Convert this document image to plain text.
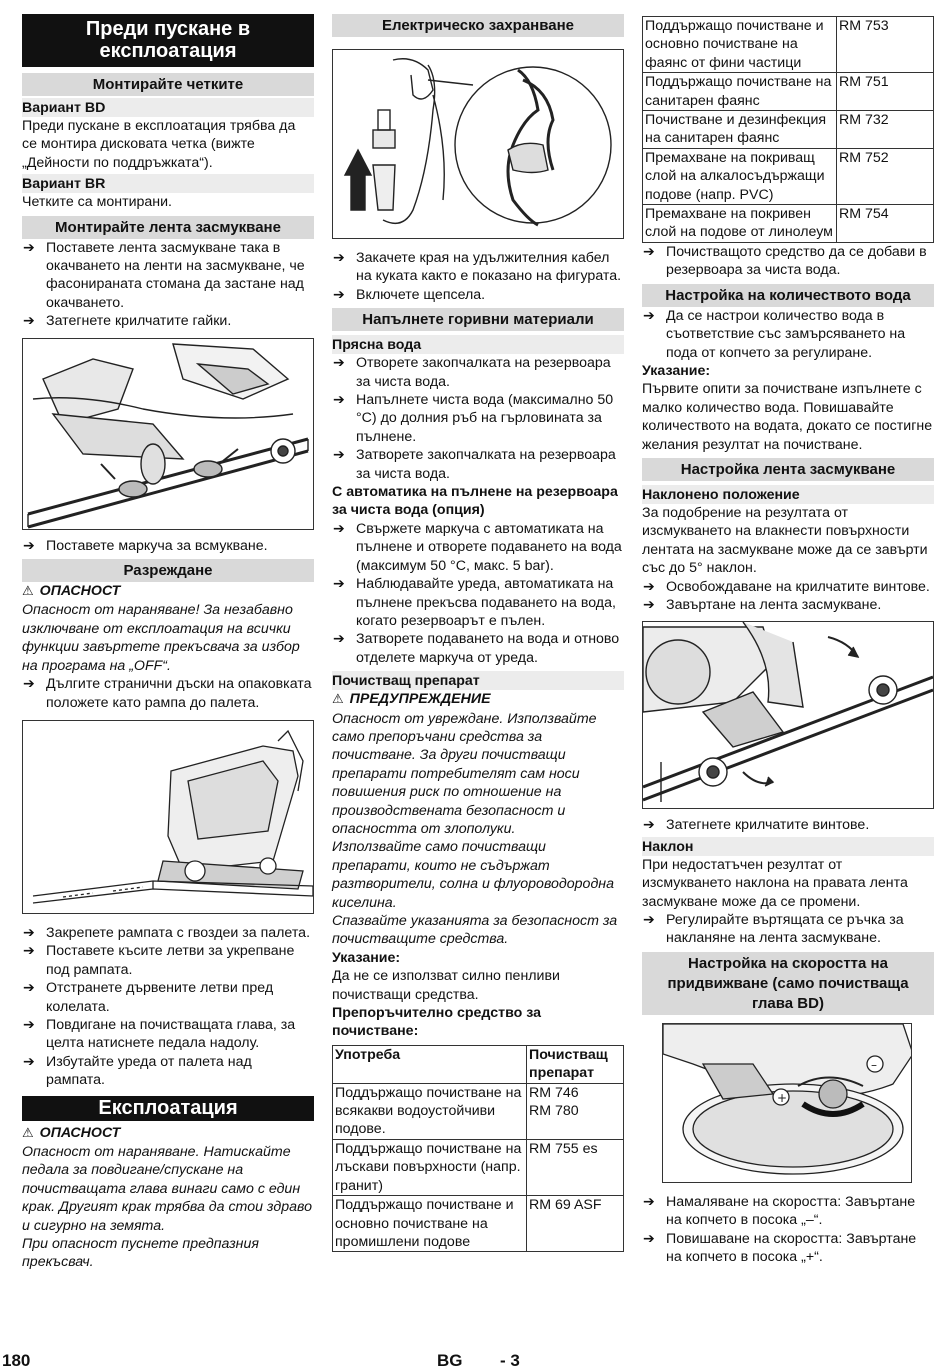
Преди пускане в експлоатация
Монтирайте четките
Вариант BD

Преди пускане в експлоатация трябва да се монтира дисковата четка (вижте „Дейности по поддръжката“).

Вариант BR

Четките са монтирани.

Монтирайте лента засмукване

➔ Поставете лента засмукване така в окачването на ленти на засмукване, че фасонираната стомана да застане над окачването.

➔ Затегнете крилчатите гайки.

➔ Поставете маркуча за всмукване.

Разреждане

⚠ ОПАСНОСТ

Опасност от нараняване! За незабавно изключване от експлоатация на всички функции завъртете прекъсвача за избор на програма на „OFF“.

➔ Дългите странични дъски на опаковката положете като рампа до палета.

➔ Закрепете рампата с гвоздеи за палета.

➔ Поставете късите летви за укрепване под рампата.

➔ Отстранете дървените летви пред колелата.

➔ Повдигане на почистващата глава, за целта натиснете педала надолу.

➔ Избутайте уреда от палета над рампата.

Експлоатация

⚠ ОПАСНОСТ

Опасност от нараняване. Натискайте педала за повдигане/спускане на почистващата глава винаги само с един крак. Другият крак трябва да стои здраво и сигурно на земята.

При опасност пуснете предпазния прекъсвач.

Електрическо захранване

➔ Закачете края на удължителния кабел на куката както е показано на фигурата.

➔ Включете щепсела.

Напълнете горивни материали
Прясна вода

➔ Отворете закопчалката на резервоара за чиста вода.

➔ Напълнете чиста вода (максимално 50 °C) до долния ръб на гърловината за пълнене.

➔ Затворете закопчалката на резервоара за чиста вода.

С автоматика на пълнене на резервоара за чиста вода (опция)

➔ Свържете маркуча с автоматиката на пълнене и отворете подаването на вода (максимум 50 °C, макс. 5 bar).

➔ Наблюдавайте уреда, автоматиката на пълнене прекъсва подаването на вода, когато резервоарът е пълен.

➔ Затворете подаването на вода и отново отделете маркуча от уреда.

Почистващ препарат

⚠ ПРЕДУПРЕЖДЕНИЕ

Опасност от увреждане. Използвайте само препоръчани средства за почистване. За други почистващи препарати потребителят сам носи повишения риск по отношение на производствената безопасност и опасността от злополуки.

Използвайте само почистващи препарати, които не съдържат разтворители, солна и флуороводородна киселина.

Спазвайте указанията за безопасност за почистващите средства.

Указание:

Да не се използват силно пенливи почистващи средства.

Препоръчително средство за почистване:

Употреба	Почистващ препарат
Поддържащо почистване на всякакви водоустойчиви подове.	RM 746
RM 780
Поддържащо почистване на лъскави повърхности (напр. гранит)	RM 755 es
Поддържащо почистване и основно почистване на промишлени подове	RM 69 ASF
Поддържащо почистване и основно почистване на фаянс от фини частици	RM 753
Поддържащо почистване на санитарен фаянс	RM 751
Почистване и дезинфекция на санитарен фаянс	RM 732
Премахване на покриващ слой на алкалосъдържащи подове (напр. PVC)	RM 752
Премахване на покривен слой на подове от линолеум	RM 754

➔ Почистващото средство да се добави в резервоара за чиста вода.

Настройка на количеството вода

➔ Да се настрои количество вода в съответствие със замърсяването на пода от копчето за регулиране.

Указание:

Първите опити за почистване изпълнете с малко количество вода. Повишавайте количеството на водата, докато се постигне желания резултат на почистване.

Настройка лента засмукване
Наклонено положение

За подобрение на резултата от изсмукването на влакнести повърхности лентата на засмукване може да се завърти със до 5° наклон.

➔ Освобождаване на крилчатите винтове.

➔ Завъртане на лента засмукване.

➔ Затегнете крилчатите винтове.

Наклон

При недостатъчен резултат от изсмукването наклона на правата лента засмукване може да се промени.

➔ Регулирайте въртящата се ръчка за накланяне на лента засмукване.

Настройка на скоростта на придвижване (само почистваща глава BD)
+
–

➔ Намаляване на скоростта: Завъртане на копчето в посока „–“.

➔ Повишаване на скоростта: Завъртане на копчето в посока „+“.

180	BG - 3
